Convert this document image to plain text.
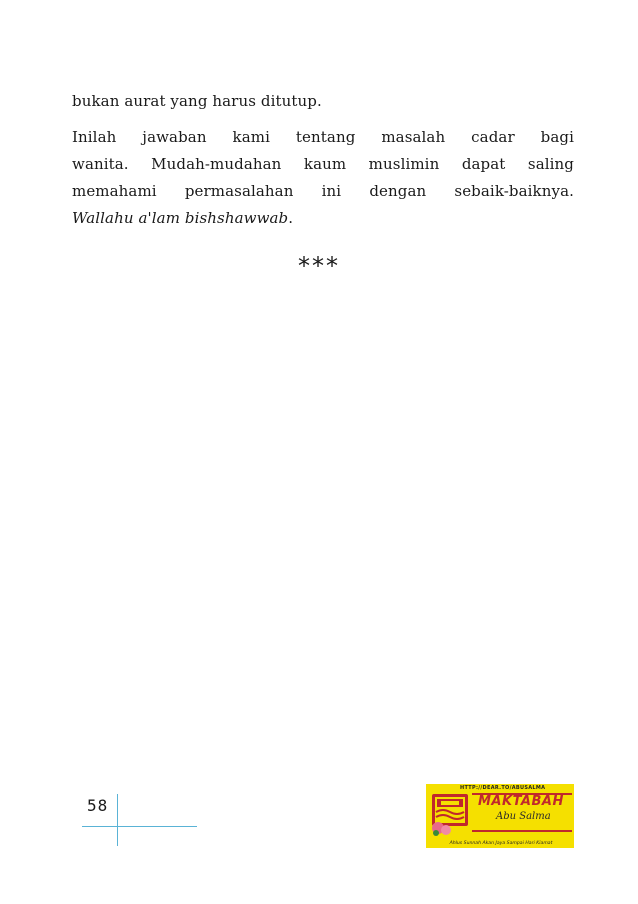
bukan aurat yang harus ditutup.
Inilah jawaban kami tentang masalah cadar bagi
wanita. Mudah-mudahan kaum muslimin dapat saling
memahami permasalahan ini dengan sebaik-baiknya.
Wallahu a'lam bishshawwab.
***
58
HTTP://DEAR.TO/ABUSALMA
MAKTABAH
Abu Salma
Ahlus Sunnah Akan Jaya Sampai Hari Kiamat
